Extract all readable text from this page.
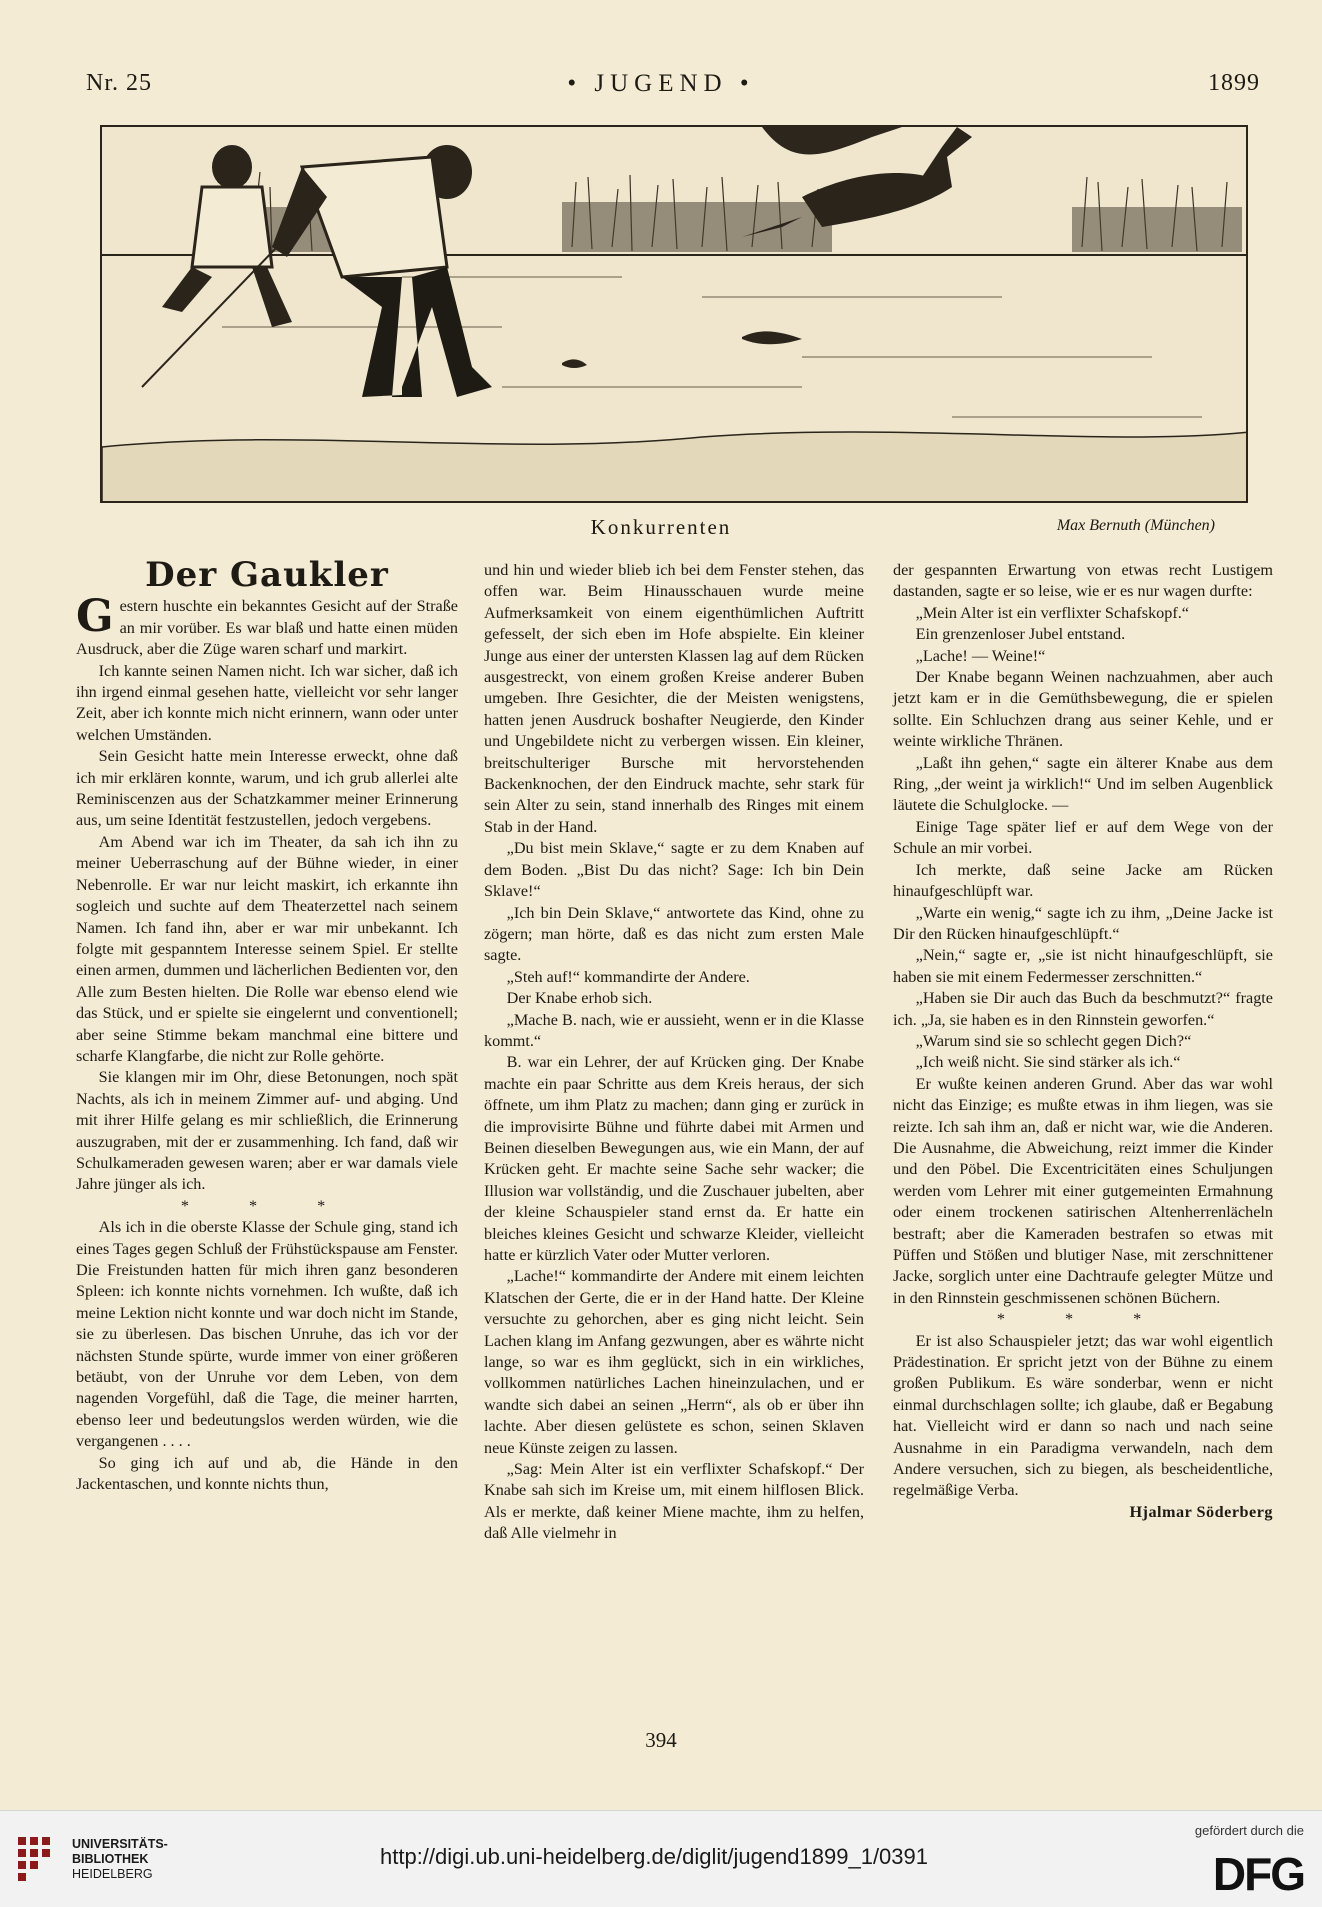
Nr. 25	• JUGEND •	1899
Konkurrenten	Max Bernuth (München)
Der Gaukler

Gestern huschte ein bekanntes Gesicht auf der Straße an mir vorüber. Es war blaß und hatte einen müden Ausdruck, aber die Züge waren scharf und markirt.

Ich kannte seinen Namen nicht. Ich war sicher, daß ich ihn irgend einmal gesehen hatte, vielleicht vor sehr langer Zeit, aber ich konnte mich nicht erinnern, wann oder unter welchen Umständen.

Sein Gesicht hatte mein Interesse erweckt, ohne daß ich mir erklären konnte, warum, und ich grub allerlei alte Reminiscenzen aus der Schatzkammer meiner Erinnerung aus, um seine Identität festzustellen, jedoch vergebens.

Am Abend war ich im Theater, da sah ich ihn zu meiner Ueberraschung auf der Bühne wieder, in einer Nebenrolle. Er war nur leicht maskirt, ich erkannte ihn sogleich und suchte auf dem Theaterzettel nach seinem Namen. Ich fand ihn, aber er war mir unbekannt. Ich folgte mit gespanntem Interesse seinem Spiel. Er stellte einen armen, dummen und lächerlichen Bedienten vor, den Alle zum Besten hielten. Die Rolle war ebenso elend wie das Stück, und er spielte sie eingelernt und conventionell; aber seine Stimme bekam manchmal eine bittere und scharfe Klangfarbe, die nicht zur Rolle gehörte.

Sie klangen mir im Ohr, diese Betonungen, noch spät Nachts, als ich in meinem Zimmer auf- und abging. Und mit ihrer Hilfe gelang es mir schließlich, die Erinnerung auszugraben, mit der er zusammenhing. Ich fand, daß wir Schulkameraden gewesen waren; aber er war damals viele Jahre jünger als ich.

* * *

Als ich in die oberste Klasse der Schule ging, stand ich eines Tages gegen Schluß der Frühstückspause am Fenster. Die Freistunden hatten für mich ihren ganz besonderen Spleen: ich konnte nichts vornehmen. Ich wußte, daß ich meine Lektion nicht konnte und war doch nicht im Stande, sie zu überlesen. Das bischen Unruhe, das ich vor der nächsten Stunde spürte, wurde immer von einer größeren betäubt, von der Unruhe vor dem Leben, von dem nagenden Vorgefühl, daß die Tage, die meiner harrten, ebenso leer und bedeutungslos werden würden, wie die vergangenen . . . .

So ging ich auf und ab, die Hände in den Jackentaschen, und konnte nichts thun,

und hin und wieder blieb ich bei dem Fenster stehen, das offen war. Beim Hinausschauen wurde meine Aufmerksamkeit von einem eigenthümlichen Auftritt gefesselt, der sich eben im Hofe abspielte. Ein kleiner Junge aus einer der untersten Klassen lag auf dem Rücken ausgestreckt, von einem großen Kreise anderer Buben umgeben. Ihre Gesichter, die der Meisten wenigstens, hatten jenen Ausdruck boshafter Neugierde, den Kinder und Ungebildete nicht zu verbergen wissen. Ein kleiner, breitschulteriger Bursche mit hervorstehenden Backenknochen, der den Eindruck machte, sehr stark für sein Alter zu sein, stand innerhalb des Ringes mit einem Stab in der Hand.

„Du bist mein Sklave,“ sagte er zu dem Knaben auf dem Boden. „Bist Du das nicht? Sage: Ich bin Dein Sklave!“

„Ich bin Dein Sklave,“ antwortete das Kind, ohne zu zögern; man hörte, daß es das nicht zum ersten Male sagte.

„Steh auf!“ kommandirte der Andere.

Der Knabe erhob sich.

„Mache B. nach, wie er aussieht, wenn er in die Klasse kommt.“

B. war ein Lehrer, der auf Krücken ging. Der Knabe machte ein paar Schritte aus dem Kreis heraus, der sich öffnete, um ihm Platz zu machen; dann ging er zurück in die improvisirte Bühne und führte dabei mit Armen und Beinen dieselben Bewegungen aus, wie ein Mann, der auf Krücken geht. Er machte seine Sache sehr wacker; die Illusion war vollständig, und die Zuschauer jubelten, aber der kleine Schauspieler stand ernst da. Er hatte ein bleiches kleines Gesicht und schwarze Kleider, vielleicht hatte er kürzlich Vater oder Mutter verloren.

„Lache!“ kommandirte der Andere mit einem leichten Klatschen der Gerte, die er in der Hand hatte. Der Kleine versuchte zu gehorchen, aber es ging nicht leicht. Sein Lachen klang im Anfang gezwungen, aber es währte nicht lange, so war es ihm geglückt, sich in ein wirkliches, vollkommen natürliches Lachen hineinzulachen, und er wandte sich dabei an seinen „Herrn“, als ob er über ihn lachte. Aber diesen gelüstete es schon, seinen Sklaven neue Künste zeigen zu lassen.

„Sag: Mein Alter ist ein verflixter Schafskopf.“ Der Knabe sah sich im Kreise um, mit einem hilflosen Blick. Als er merkte, daß keiner Miene machte, ihm zu helfen, daß Alle vielmehr in

der gespannten Erwartung von etwas recht Lustigem dastanden, sagte er so leise, wie er es nur wagen durfte:

„Mein Alter ist ein verflixter Schafskopf.“

Ein grenzenloser Jubel entstand.

„Lache! — Weine!“

Der Knabe begann Weinen nachzuahmen, aber auch jetzt kam er in die Gemüthsbewegung, die er spielen sollte. Ein Schluchzen drang aus seiner Kehle, und er weinte wirkliche Thränen.

„Laßt ihn gehen,“ sagte ein älterer Knabe aus dem Ring, „der weint ja wirklich!“ Und im selben Augenblick läutete die Schulglocke. —

Einige Tage später lief er auf dem Wege von der Schule an mir vorbei.

Ich merkte, daß seine Jacke am Rücken hinaufgeschlüpft war.

„Warte ein wenig,“ sagte ich zu ihm, „Deine Jacke ist Dir den Rücken hinaufgeschlüpft.“

„Nein,“ sagte er, „sie ist nicht hinaufgeschlüpft, sie haben sie mit einem Federmesser zerschnitten.“

„Haben sie Dir auch das Buch da beschmutzt?“ fragte ich. „Ja, sie haben es in den Rinnstein geworfen.“

„Warum sind sie so schlecht gegen Dich?“

„Ich weiß nicht. Sie sind stärker als ich.“

Er wußte keinen anderen Grund. Aber das war wohl nicht das Einzige; es mußte etwas in ihm liegen, was sie reizte. Ich sah ihm an, daß er nicht war, wie die Anderen. Die Ausnahme, die Abweichung, reizt immer die Kinder und den Pöbel. Die Excentricitäten eines Schuljungen werden vom Lehrer mit einer gutgemeinten Ermahnung oder einem trockenen satirischen Altenherrenlächeln bestraft; aber die Kameraden bestrafen so etwas mit Püffen und Stößen und blutiger Nase, mit zerschnittener Jacke, sorglich unter eine Dachtraufe gelegter Mütze und in den Rinnstein geschmissenen schönen Büchern.

* * *

Er ist also Schauspieler jetzt; das war wohl eigentlich Prädestination. Er spricht jetzt von der Bühne zu einem großen Publikum. Es wäre sonderbar, wenn er nicht einmal durchschlagen sollte; ich glaube, daß er Begabung hat. Vielleicht wird er dann so nach und nach seine Ausnahme in ein Paradigma verwandeln, nach dem Andere versuchen, sich zu biegen, als bescheidentliche, regelmäßige Verba.

Hjalmar Söderberg

394
UNIVERSITÄTS-
BIBLIOTHEK
HEIDELBERG
http://digi.ub.uni-heidelberg.de/diglit/jugend1899_1/0391
gefördert durch die
DFG
